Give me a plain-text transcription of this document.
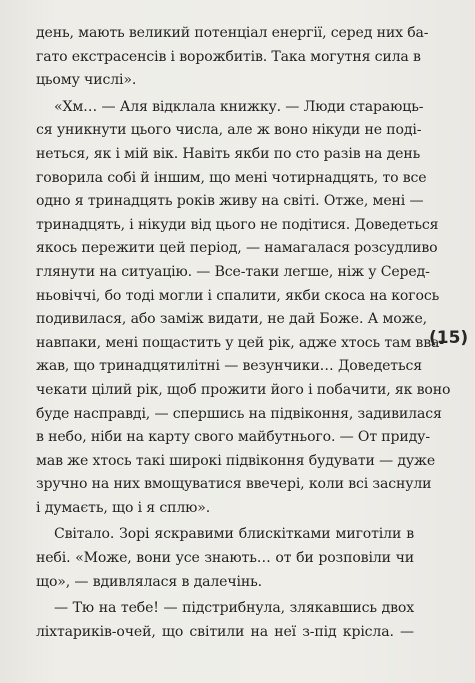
день, мають великий потенціал енергії, серед них ба-
гато екстрасенсів і ворожбитів. Така могутня сила в
цьому числі».
«Хм… — Аля відклала книжку. — Люди стараюць-
ся уникнути цього числа, але ж воно нікуди не поді-
неться, як і мій вік. Навіть якби по сто разів на день
говорила собі й іншим, що мені чотирнадцять, то все
одно я тринадцять років живу на світі. Отже, мені —
тринадцять, і нікуди від цього не подітися. Доведеться
якось пережити цей період, — намагалася розсудливо
глянути на ситуацію. — Все-таки легше, ніж у Серед-
ньовіччі, бо тоді могли і спалити, якби скоса на когось
подивилася, або заміж видати, не дай Боже. А може,
навпаки, мені пощастить у цей рік, адже хтось там вва-
жав, що тринадцятилітні — везунчики… Доведеться
чекати цілий рік, щоб прожити його і побачити, як воно
буде насправді, — спершись на підвіконня, задивилася
в небо, ніби на карту свого майбутнього. — От приду-
мав же хтось такі широкі підвіконня будувати — дуже
зручно на них вмощуватися ввечері, коли всі заснули
і думаєть, що і я сплю».
Світало. Зорі яскравими блискітками миготіли в
небі. «Може, вони усе знають… от би розповіли чи
що», — вдивлялася в далечінь.
— Тю на тебе! — підстрибнула, злякавшись двох
ліхтариків-очей, що світили на неї з-під крісла. —
(15)
